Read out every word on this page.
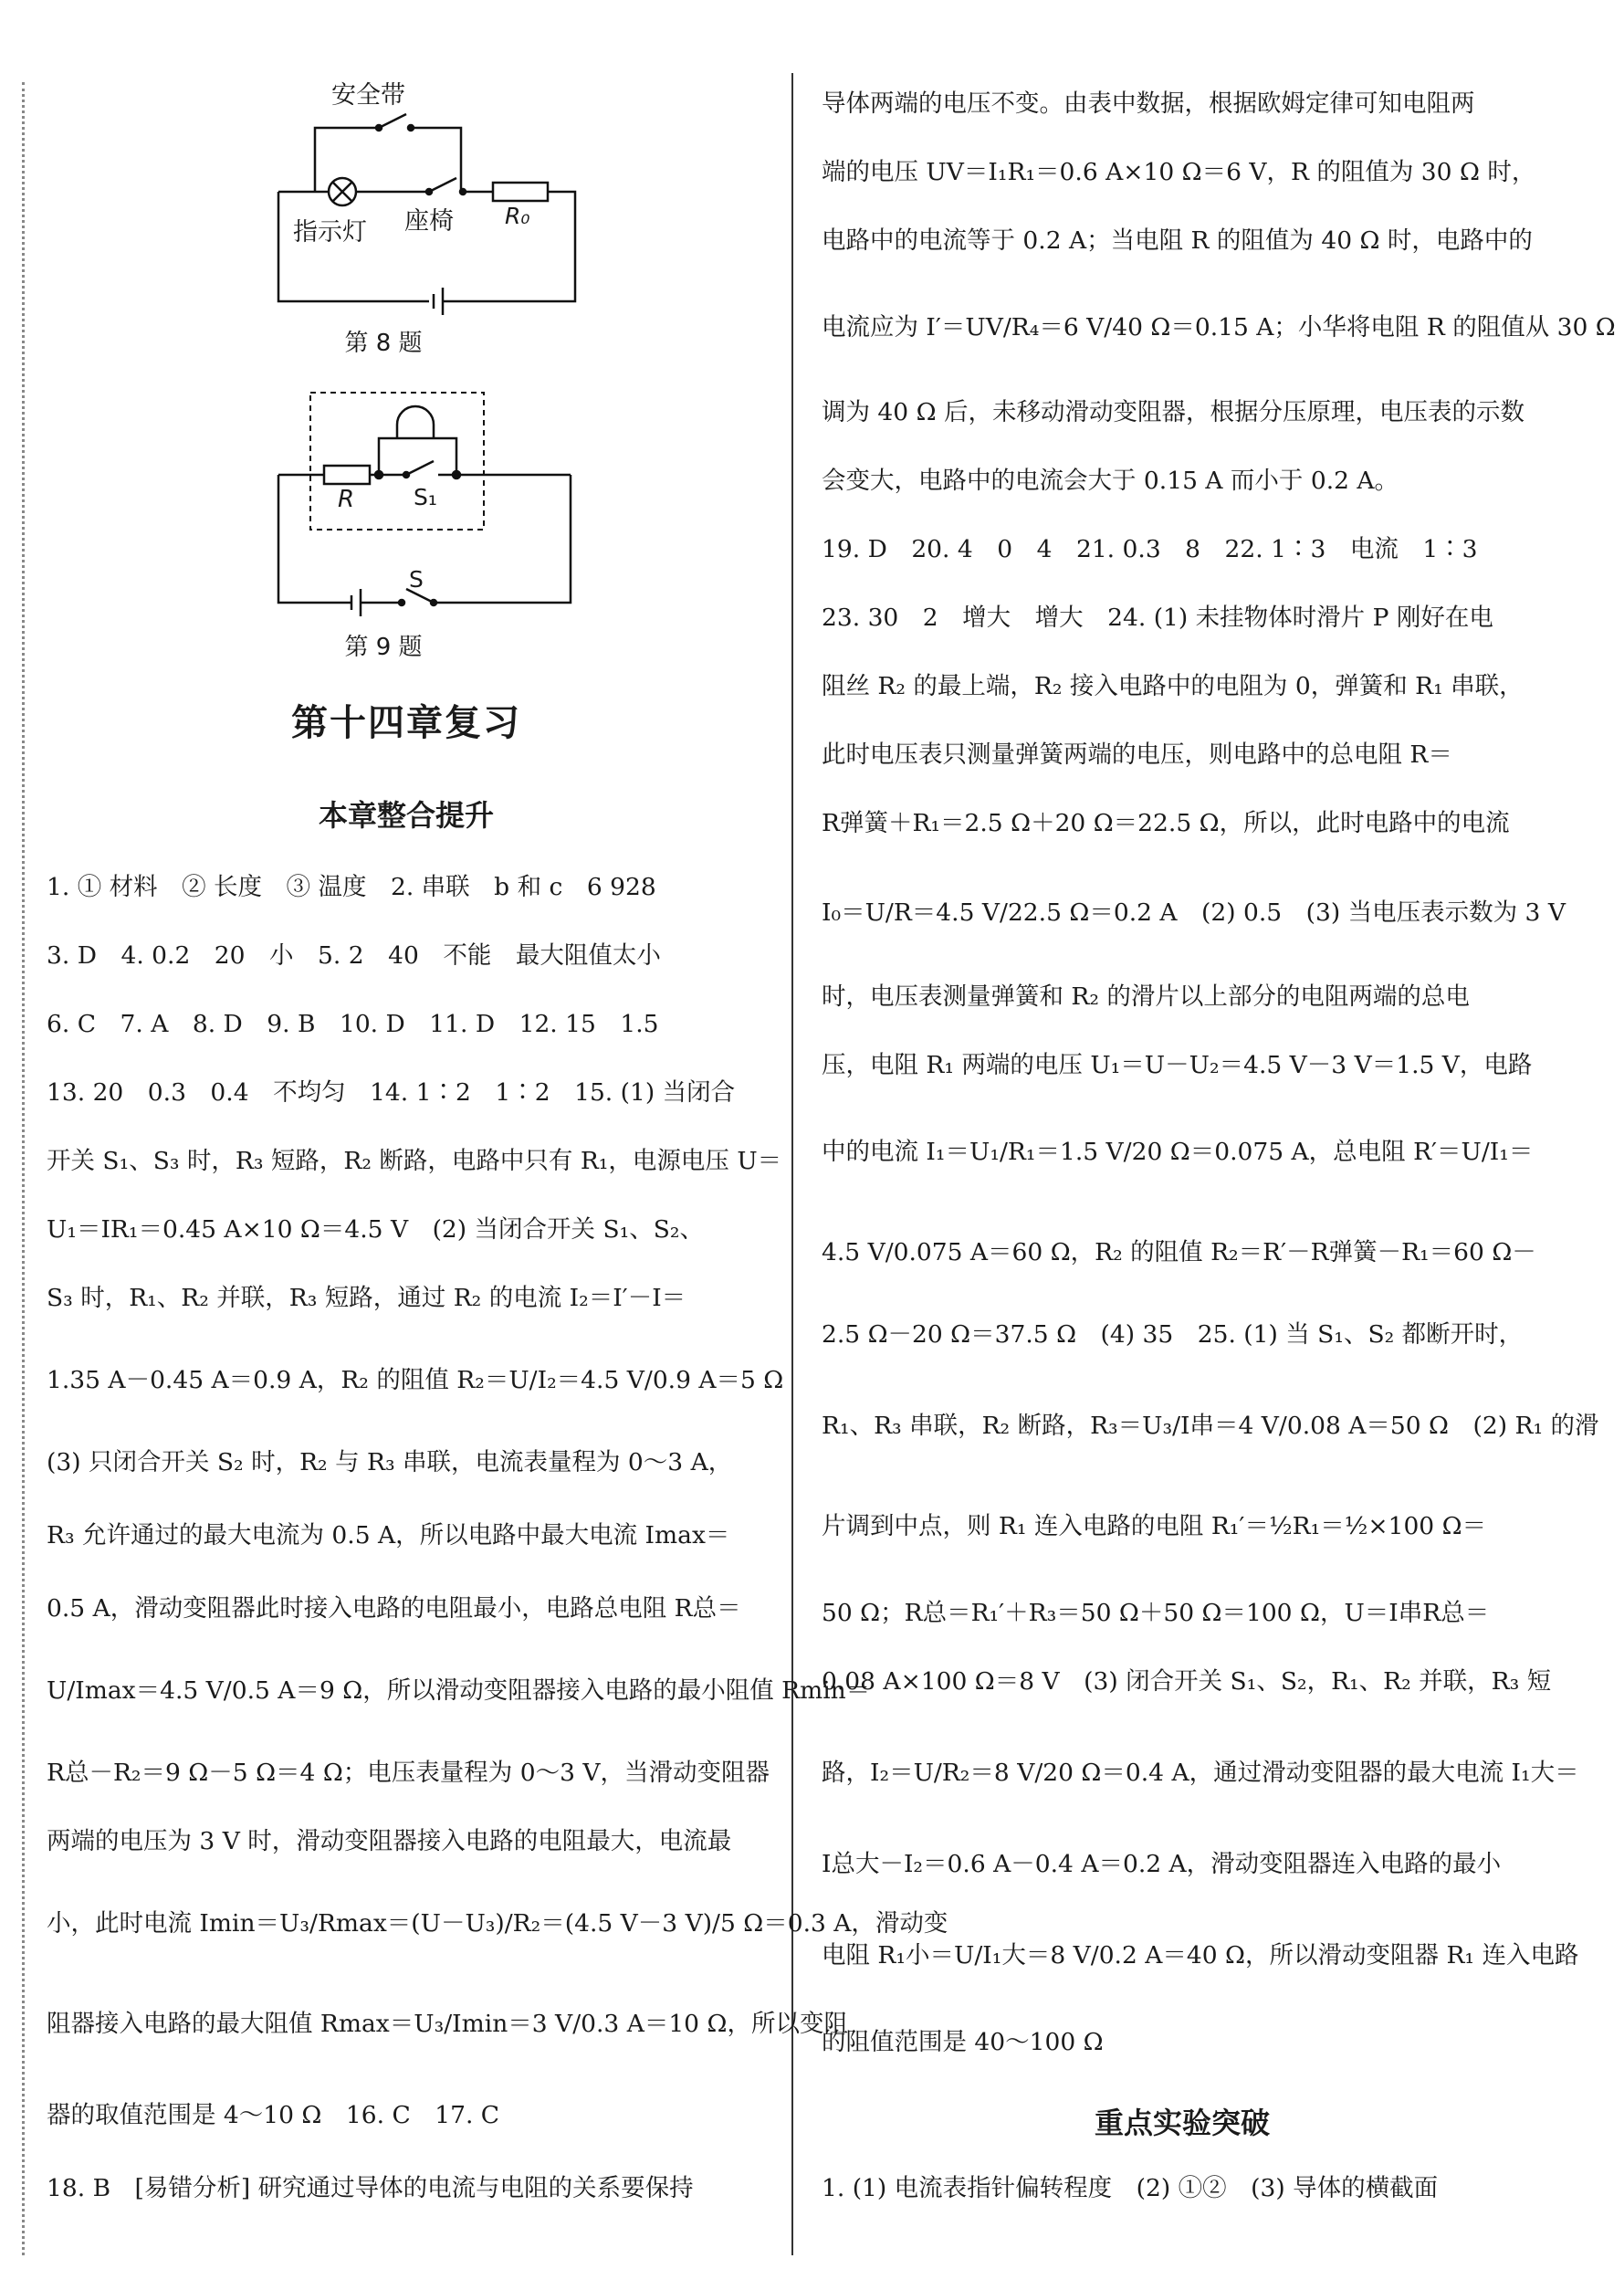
安全带
指示灯 座椅 R₀
第 8 题
R	S₁
S
第 9 题
第十四章复习
本章整合提升
1. ① 材料　② 长度　③ 温度　2. 串联　b 和 c　6 928
3. D　4. 0.2　20　小　5. 2　40　不能　最大阻值太小
6. C　7. A　8. D　9. B　10. D　11. D　12. 15　1.5
13. 20　0.3　0.4　不均匀　14. 1∶2　1∶2　15. (1) 当闭合
开关 S₁、S₃ 时，R₃ 短路，R₂ 断路，电路中只有 R₁，电源电压 U＝
U₁＝IR₁＝0.45 A×10 Ω＝4.5 V　(2) 当闭合开关 S₁、S₂、
S₃ 时，R₁、R₂ 并联，R₃ 短路，通过 R₂ 的电流 I₂＝I′－I＝
1.35 A－0.45 A＝0.9 A，R₂ 的阻值 R₂＝U/I₂＝4.5 V/0.9 A＝5 Ω
(3) 只闭合开关 S₂ 时，R₂ 与 R₃ 串联，电流表量程为 0～3 A，
R₃ 允许通过的最大电流为 0.5 A，所以电路中最大电流 Imax＝
0.5 A，滑动变阻器此时接入电路的电阻最小，电路总电阻 R总＝
U/Imax＝4.5 V/0.5 A＝9 Ω，所以滑动变阻器接入电路的最小阻值 Rmin＝
R总－R₂＝9 Ω－5 Ω＝4 Ω；电压表量程为 0～3 V，当滑动变阻器
两端的电压为 3 V 时，滑动变阻器接入电路的电阻最大，电流最
小，此时电流 Imin＝U₃/Rmax＝(U－U₃)/R₂＝(4.5 V－3 V)/5 Ω＝0.3 A，滑动变
阻器接入电路的最大阻值 Rmax＝U₃/Imin＝3 V/0.3 A＝10 Ω，所以变阻
器的取值范围是 4～10 Ω　16. C　17. C
18. B　[易错分析] 研究通过导体的电流与电阻的关系要保持
导体两端的电压不变。由表中数据，根据欧姆定律可知电阻两
端的电压 UV＝I₁R₁＝0.6 A×10 Ω＝6 V，R 的阻值为 30 Ω 时，
电路中的电流等于 0.2 A；当电阻 R 的阻值为 40 Ω 时，电路中的
电流应为 I′＝UV/R₄＝6 V/40 Ω＝0.15 A；小华将电阻 R 的阻值从 30 Ω
调为 40 Ω 后，未移动滑动变阻器，根据分压原理，电压表的示数
会变大，电路中的电流会大于 0.15 A 而小于 0.2 A。
19. D　20. 4　0　4　21. 0.3　8　22. 1∶3　电流　1∶3
23. 30　2　增大　增大　24. (1) 未挂物体时滑片 P 刚好在电
阻丝 R₂ 的最上端，R₂ 接入电路中的电阻为 0，弹簧和 R₁ 串联，
此时电压表只测量弹簧两端的电压，则电路中的总电阻 R＝
R弹簧＋R₁＝2.5 Ω＋20 Ω＝22.5 Ω，所以，此时电路中的电流
I₀＝U/R＝4.5 V/22.5 Ω＝0.2 A　(2) 0.5　(3) 当电压表示数为 3 V
时，电压表测量弹簧和 R₂ 的滑片以上部分的电阻两端的总电
压，电阻 R₁ 两端的电压 U₁＝U－U₂＝4.5 V－3 V＝1.5 V，电路
中的电流 I₁＝U₁/R₁＝1.5 V/20 Ω＝0.075 A，总电阻 R′＝U/I₁＝
4.5 V/0.075 A＝60 Ω，R₂ 的阻值 R₂＝R′－R弹簧－R₁＝60 Ω－
2.5 Ω－20 Ω＝37.5 Ω　(4) 35　25. (1) 当 S₁、S₂ 都断开时，
R₁、R₃ 串联，R₂ 断路，R₃＝U₃/I串＝4 V/0.08 A＝50 Ω　(2) R₁ 的滑
片调到中点，则 R₁ 连入电路的电阻 R₁′＝½R₁＝½×100 Ω＝
50 Ω；R总＝R₁′＋R₃＝50 Ω＋50 Ω＝100 Ω，U＝I串R总＝
0.08 A×100 Ω＝8 V　(3) 闭合开关 S₁、S₂，R₁、R₂ 并联，R₃ 短
路，I₂＝U/R₂＝8 V/20 Ω＝0.4 A，通过滑动变阻器的最大电流 I₁大＝
I总大－I₂＝0.6 A－0.4 A＝0.2 A，滑动变阻器连入电路的最小
电阻 R₁小＝U/I₁大＝8 V/0.2 A＝40 Ω，所以滑动变阻器 R₁ 连入电路
的阻值范围是 40～100 Ω
重点实验突破
1. (1) 电流表指针偏转程度　(2) ①②　(3) 导体的横截面
